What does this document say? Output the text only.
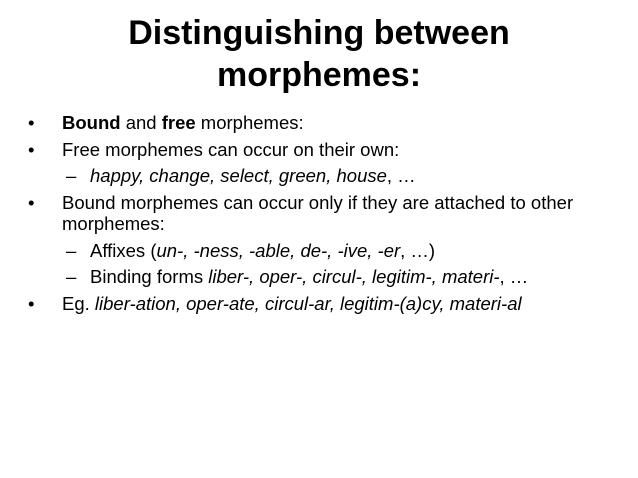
Distinguishing between
morphemes:
• Bound and free morphemes:
• Free morphemes can occur on their own:
– happy, change, select, green, house, …
• Bound morphemes can occur only if they are attached to other morphemes:
– Affixes (un-, -ness, -able, de-, -ive, -er, …)
– Binding forms liber-, oper-, circul-, legitim-, materi-, …
• Eg. liber-ation, oper-ate, circul-ar, legitim-(a)cy, materi-al
